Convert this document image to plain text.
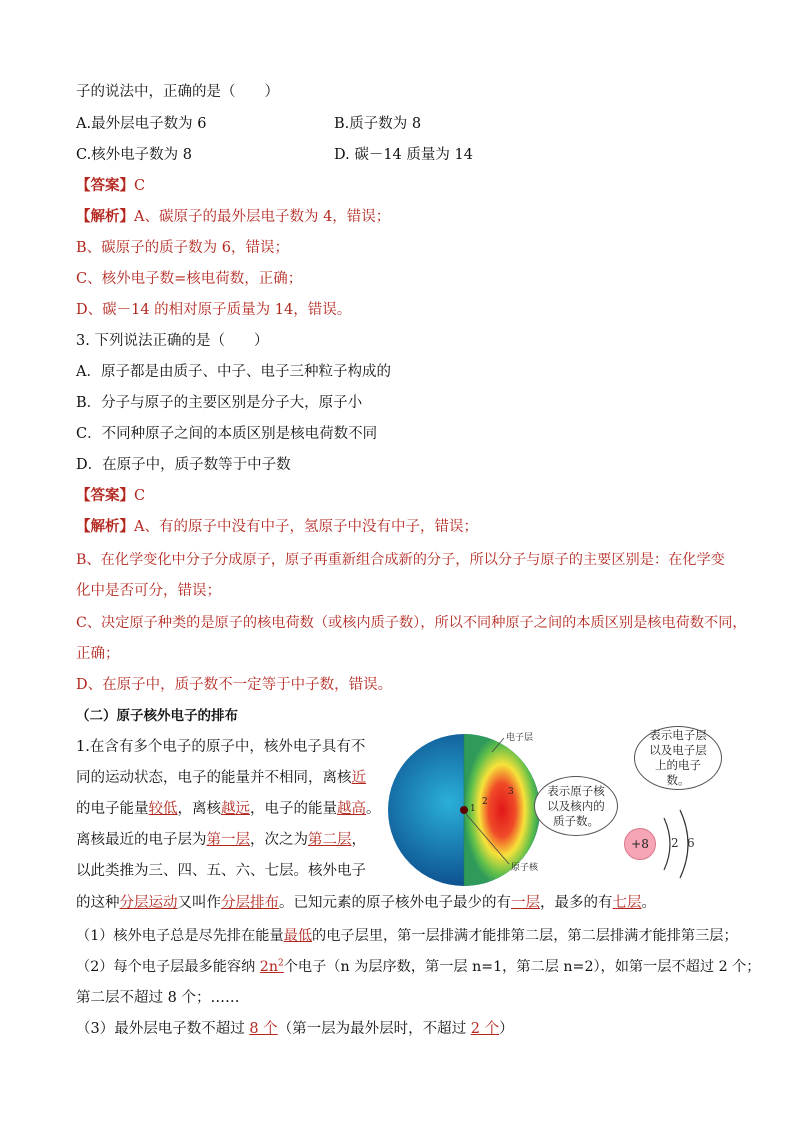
子的说法中，正确的是（　　）
A.最外层电子数为 6	B.质子数为 8
C.核外电子数为 8	D. 碳－14 质量为 14
【答案】C
【解析】A、碳原子的最外层电子数为 4，错误；
B、碳原子的质子数为 6，错误；
C、核外电子数=核电荷数，正确；
D、碳－14 的相对原子质量为 14，错误。
3. 下列说法正确的是（　　）
A．原子都是由质子、中子、电子三种粒子构成的
B．分子与原子的主要区别是分子大，原子小
C．不同种原子之间的本质区别是核电荷数不同
D．在原子中，质子数等于中子数
【答案】C
【解析】A、有的原子中没有中子，氢原子中没有中子，错误；
B、在化学变化中分子分成原子，原子再重新组合成新的分子，所以分子与原子的主要区别是：在化学变
化中是否可分，错误；
C、决定原子种类的是原子的核电荷数（或核内质子数），所以不同种原子之间的本质区别是核电荷数不同，
正确；
D、在原子中，质子数不一定等于中子数，错误。
（二）原子核外电子的排布
1.在含有多个电子的原子中，核外电子具有不
同的运动状态，电子的能量并不相同，离核近
的电子能量较低，离核越远，电子的能量越高。
离核最近的电子层为第一层，次之为第二层，
以此类推为三、四、五、六、七层。核外电子
的这种分层运动又叫作分层排布。已知元素的原子核外电子最少的有一层，最多的有七层。
（1）核外电子总是尽先排在能量最低的电子层里，第一层排满才能排第二层，第二层排满才能排第三层；
（2）每个电子层最多能容纳 $2n^2$个电子（n 为层序数，第一层 n=1，第二层 n=2），如第一层不超过 2 个；
第二层不超过 8 个；……
（3）最外层电子数不超过 8 个（第一层为最外层时，不超过 2 个）
1
2
3
电子层
原子核
表示原子核以及核内的质子数。
表示电子层以及电子层上的电子数。
+8 2 6
